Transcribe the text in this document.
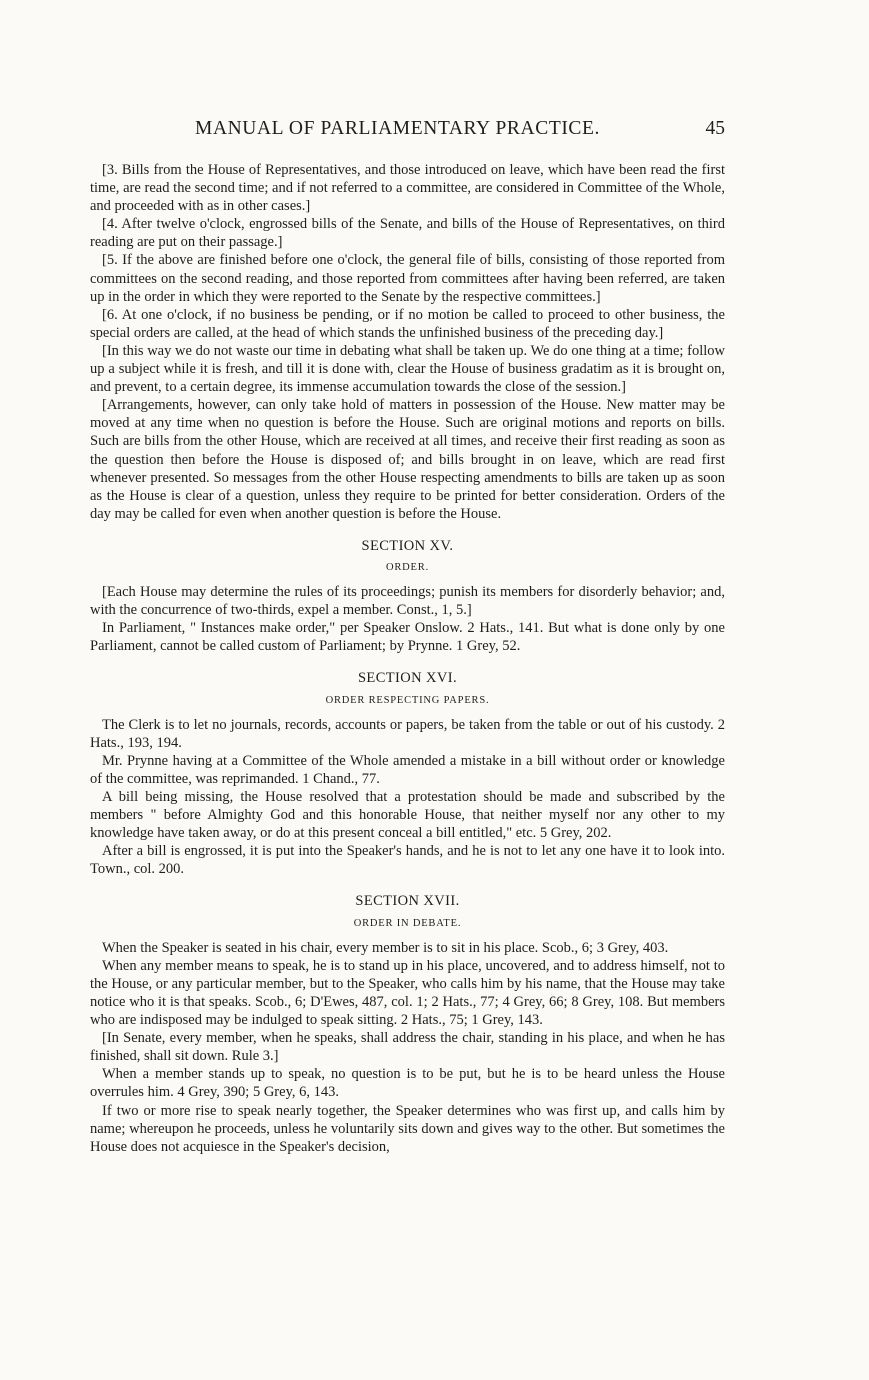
MANUAL OF PARLIAMENTARY PRACTICE.	45

[3. Bills from the House of Representatives, and those introduced on leave, which have been read the first time, are read the second time; and if not referred to a committee, are considered in Committee of the Whole, and proceeded with as in other cases.]

[4. After twelve o'clock, engrossed bills of the Senate, and bills of the House of Representatives, on third reading are put on their passage.]

[5. If the above are finished before one o'clock, the general file of bills, consisting of those reported from committees on the second reading, and those reported from committees after having been referred, are taken up in the order in which they were reported to the Senate by the respective committees.]

[6. At one o'clock, if no business be pending, or if no motion be called to proceed to other business, the special orders are called, at the head of which stands the unfinished business of the preceding day.]

[In this way we do not waste our time in debating what shall be taken up. We do one thing at a time; follow up a subject while it is fresh, and till it is done with, clear the House of business gradatim as it is brought on, and prevent, to a certain degree, its immense accumulation towards the close of the session.]

[Arrangements, however, can only take hold of matters in possession of the House. New matter may be moved at any time when no question is before the House. Such are original motions and reports on bills. Such are bills from the other House, which are received at all times, and receive their first reading as soon as the question then before the House is disposed of; and bills brought in on leave, which are read first whenever presented. So messages from the other House respecting amendments to bills are taken up as soon as the House is clear of a question, unless they require to be printed for better consideration. Orders of the day may be called for even when another question is before the House.

SECTION XV.
ORDER.

[Each House may determine the rules of its proceedings; punish its members for disorderly behavior; and, with the concurrence of two-thirds, expel a member. Const., 1, 5.]

In Parliament, " Instances make order," per Speaker Onslow. 2 Hats., 141. But what is done only by one Parliament, cannot be called custom of Parliament; by Prynne. 1 Grey, 52.

SECTION XVI.
ORDER RESPECTING PAPERS.

The Clerk is to let no journals, records, accounts or papers, be taken from the table or out of his custody. 2 Hats., 193, 194.

Mr. Prynne having at a Committee of the Whole amended a mistake in a bill without order or knowledge of the committee, was reprimanded. 1 Chand., 77.

A bill being missing, the House resolved that a protestation should be made and subscribed by the members " before Almighty God and this honorable House, that neither myself nor any other to my knowledge have taken away, or do at this present conceal a bill entitled," etc. 5 Grey, 202.

After a bill is engrossed, it is put into the Speaker's hands, and he is not to let any one have it to look into. Town., col. 200.

SECTION XVII.
ORDER IN DEBATE.

When the Speaker is seated in his chair, every member is to sit in his place. Scob., 6; 3 Grey, 403.

When any member means to speak, he is to stand up in his place, uncovered, and to address himself, not to the House, or any particular member, but to the Speaker, who calls him by his name, that the House may take notice who it is that speaks. Scob., 6; D'Ewes, 487, col. 1; 2 Hats., 77; 4 Grey, 66; 8 Grey, 108. But members who are indisposed may be indulged to speak sitting. 2 Hats., 75; 1 Grey, 143.

[In Senate, every member, when he speaks, shall address the chair, standing in his place, and when he has finished, shall sit down. Rule 3.]

When a member stands up to speak, no question is to be put, but he is to be heard unless the House overrules him. 4 Grey, 390; 5 Grey, 6, 143.

If two or more rise to speak nearly together, the Speaker determines who was first up, and calls him by name; whereupon he proceeds, unless he voluntarily sits down and gives way to the other. But sometimes the House does not acquiesce in the Speaker's decision,
